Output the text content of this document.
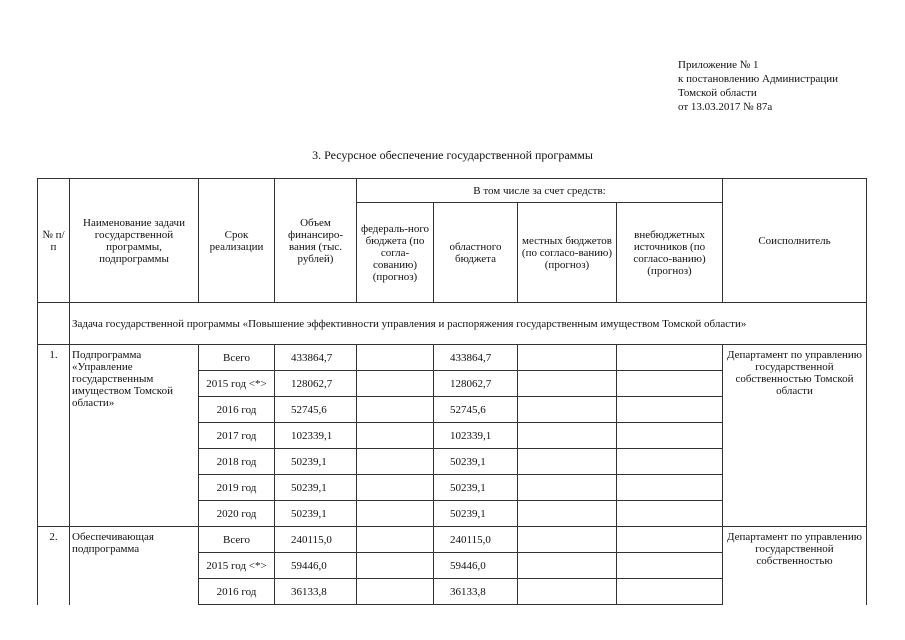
Приложение № 1
к постановлению Администрации
Томской области
от 13.03.2017 № 87а
3. Ресурсное обеспечение государственной программы
№ п/п	Наименование задачи государственной программы, подпрограммы	Срок реализации	Объем финансиро-вания (тыс. рублей)	В том числе за счет средств:				Соисполнитель
				федераль-ного бюджета (по согла-сованию) (прогноз)	областного бюджета	местных бюджетов (по согласо-ванию) (прогноз)	внебюджетных источников (по согласо-ванию) (прогноз)	
	Задача государственной программы «Повышение эффективности управления и распоряжения государственным имуществом Томской области»							
1.	Подпрограмма «Управление государственным имуществом Томской области»	Всего	433864,7		433864,7			Департамент по управлению государственной собственностью Томской области
		2015 год <*>	128062,7		128062,7			
		2016 год	52745,6		52745,6			
		2017 год	102339,1		102339,1			
		2018 год	50239,1		50239,1			
		2019 год	50239,1		50239,1			
		2020 год	50239,1		50239,1			
2.	Обеспечивающая подпрограмма	Всего	240115,0		240115,0			Департамент по управлению государственной собственностью
		2015 год <*>	59446,0		59446,0			
		2016 год	36133,8		36133,8			
